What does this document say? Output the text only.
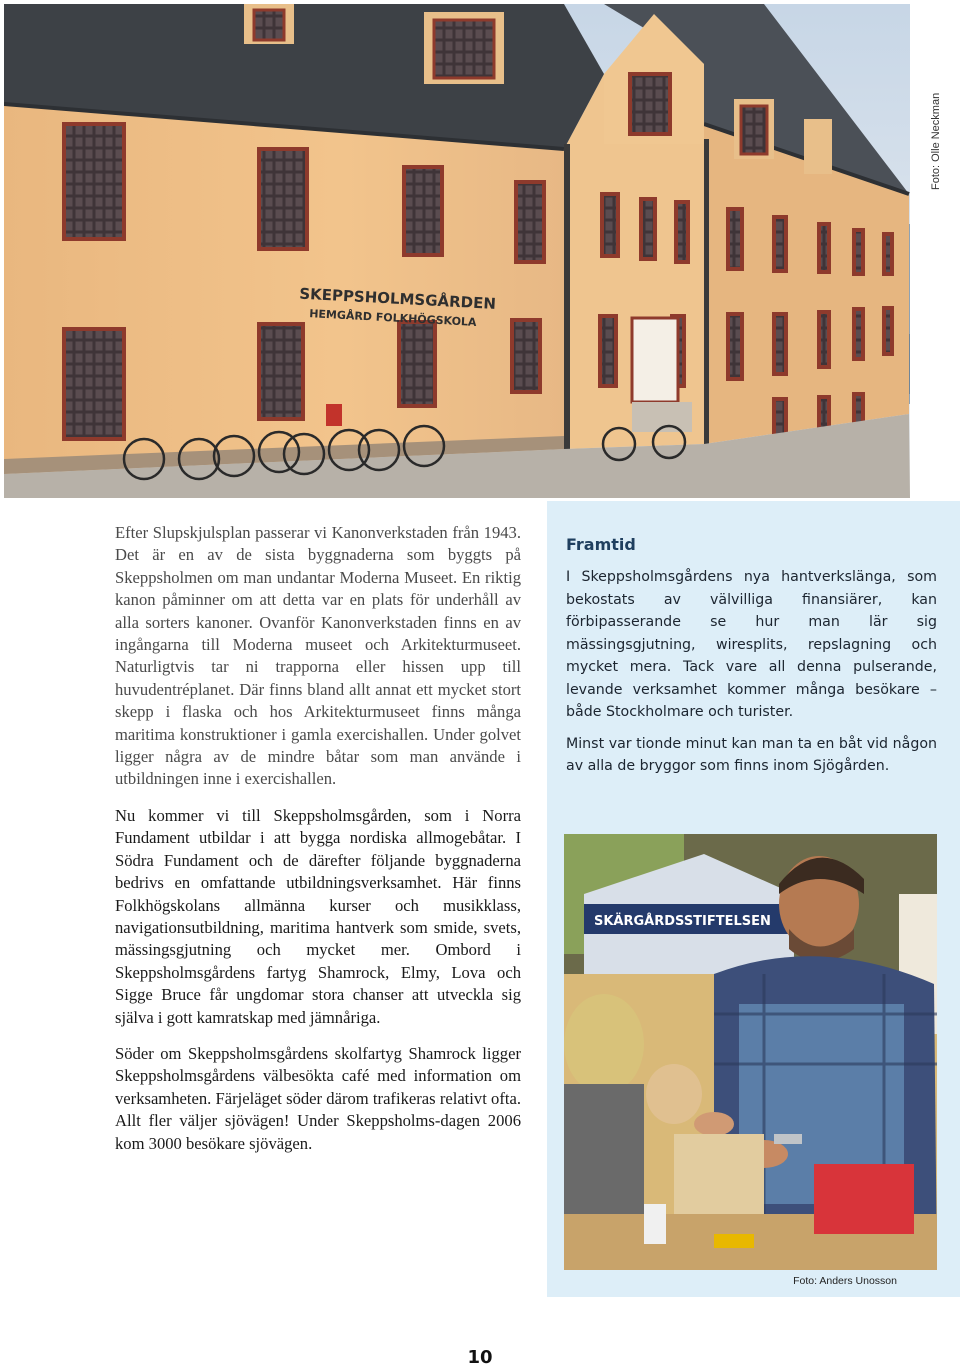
SKEPPSHOLMSGÅRDEN
HEMGÅRD FOLKHÖGSKOLA
Foto: Olle Neckman

Efter Slupskjulsplan passerar vi Kanonverkstaden från 1943. Det är en av de sista byggnaderna som byggts på Skeppsholmen om man undantar Moderna Museet. En riktig kanon påminner om att detta var en plats för underhåll av alla sorters kanoner. Ovanför Kanonverkstaden finns en av ingångarna till Moderna museet och Arkitekturmuseet. Naturligtvis tar ni trapporna eller hissen upp till huvudentréplanet. Där finns bland allt annat ett mycket stort skepp i flaska och hos Arkitekturmuseet finns många maritima konstruktioner i gamla exercishallen. Under golvet ligger några av de mindre båtar som man använde i utbildningen inne i exercishallen.

Nu kommer vi till Skeppsholmsgården, som i Norra Fundament utbildar i att bygga nordiska allmogebåtar. I Södra Fundament och de därefter följande byggnaderna bedrivs en omfattande utbildningsverksamhet. Här finns Folkhögskolans allmänna kurser och musikklass, navigationsutbildning, maritima hantverk som smide, svets, mässingsgjutning och mycket mer. Ombord i Skeppsholmsgårdens fartyg Shamrock, Elmy, Lova och Sigge Bruce får ungdomar stora chanser att utveckla sig själva i gott kamratskap med jämnåriga.

Söder om Skeppsholmsgårdens skolfartyg Shamrock ligger Skeppsholmsgårdens välbesökta café med information om verksamheten. Färjeläget söder därom trafikeras relativt ofta. Allt fler väljer sjövägen! Under Skeppsholms-dagen 2006 kom 3000 besökare sjövägen.

Framtid

I Skeppsholmsgårdens nya hantverkslänga, som bekostats av välvilliga finansiärer, kan förbipasserande se hur man lär sig mässingsgjutning, wiresplits, repslagning och mycket mera. Tack vare all denna pulserande, levande verksamhet kommer många besökare – både Stockholmare och turister.

Minst var tionde minut kan man ta en båt vid någon av alla de bryggor som finns inom Sjögården.

SKÄRGÅRDSSTIFTELSEN
Foto: Anders Unosson
10
